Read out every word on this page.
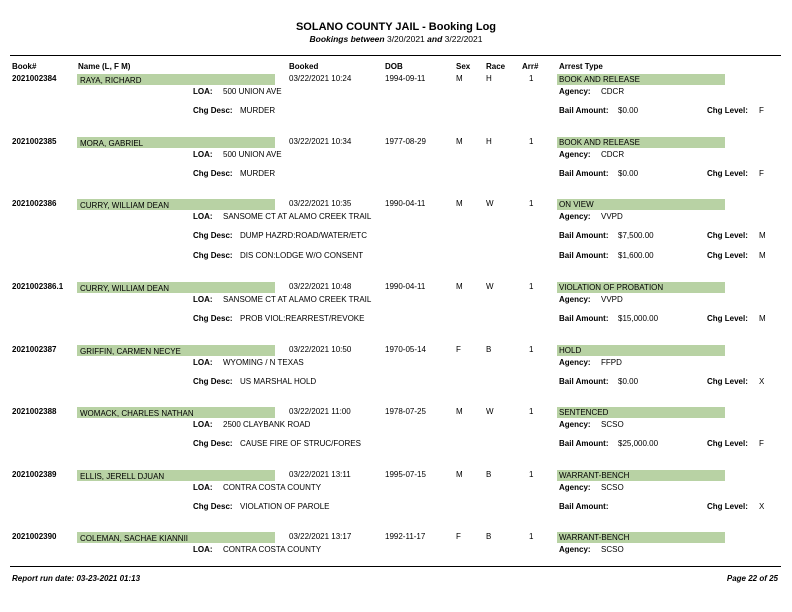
SOLANO COUNTY JAIL - Booking Log
Bookings between 3/20/2021 and 3/22/2021
Book#	Name (L, F M)	Booked	DOB	Sex Race Arr#	Arrest Type
2021002384	RAYA, RICHARD	03/22/2021 10:24	1994-09-11	M	H	1	BOOK AND RELEASE
LOA: 500 UNION AVE	Agency: CDCR
Chg Desc: MURDER	Bail Amount: $0.00	Chg Level: F
2021002385	MORA, GABRIEL	03/22/2021 10:34	1977-08-29	M	H	1	BOOK AND RELEASE
LOA: 500 UNION AVE	Agency: CDCR
Chg Desc: MURDER	Bail Amount: $0.00	Chg Level: F
2021002386	CURRY, WILLIAM DEAN	03/22/2021 10:35	1990-04-11	M	W	1	ON VIEW
LOA: SANSOME CT AT ALAMO CREEK TRAIL	Agency: VVPD
Chg Desc: DUMP HAZRD:ROAD/WATER/ETC	Bail Amount: $7,500.00	Chg Level: M
Chg Desc: DIS CON:LODGE W/O CONSENT	Bail Amount: $1,600.00	Chg Level: M
2021002386.1 CURRY, WILLIAM DEAN	03/22/2021 10:48	1990-04-11	M	W	1	VIOLATION OF PROBATION
LOA: SANSOME CT AT ALAMO CREEK TRAIL	Agency: VVPD
Chg Desc: PROB VIOL:REARREST/REVOKE	Bail Amount: $15,000.00	Chg Level: M
2021002387	GRIFFIN, CARMEN NECYE	03/22/2021 10:50	1970-05-14	F	B	1	HOLD
LOA: WYOMING / N TEXAS	Agency: FFPD
Chg Desc: US MARSHAL HOLD	Bail Amount: $0.00	Chg Level: X
2021002388	WOMACK, CHARLES NATHAN	03/22/2021 11:00	1978-07-25	M	W	1	SENTENCED
LOA: 2500 CLAYBANK ROAD	Agency: SCSO
Chg Desc: CAUSE FIRE OF STRUC/FORES	Bail Amount: $25,000.00	Chg Level: F
2021002389	ELLIS, JERELL DJUAN	03/22/2021 13:11	1995-07-15	M	B	1	WARRANT-BENCH
LOA: CONTRA COSTA COUNTY	Agency: SCSO
Chg Desc: VIOLATION OF PAROLE	Bail Amount:	Chg Level: X
2021002390	COLEMAN, SACHAE KIANNII	03/22/2021 13:17	1992-11-17	F	B	1	WARRANT-BENCH
LOA: CONTRA COSTA COUNTY	Agency: SCSO
Report run date: 03-23-2021 01:13	Page 22 of 25
